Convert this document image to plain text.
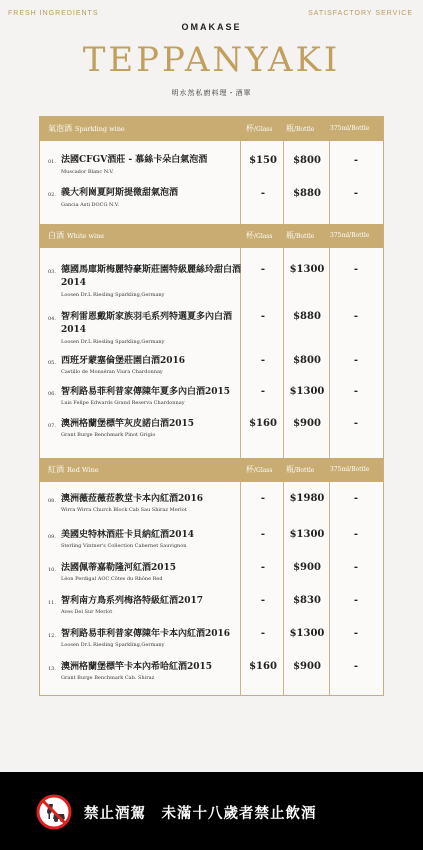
FRESH INGREDIENTS	SATISFACTORY SERVICE
OMAKASE
TEPPANYAKI
明水然私廚料理・酒單
氣泡酒 Sparkling wine	杯/Glass 瓶/Bottle	375ml/Bottle
01. 法國CFGV酒莊 - 慕絲卡朵白氣泡酒
Muscador Blanc N.V.
$150	$800	-
02. 義大利崗夏阿斯提微甜氣泡酒
Gancia Asti DOCG N.V.
-	$880	-
白酒 White wine	杯/Glass 瓶/Bottle	375ml/Bottle
03. 德國馬庫斯梅麗特豪斯莊園特級麗絲玲甜白酒2014
Loosen Dr.L Riesling Sparkling,Germany
-	$1300	-
04. 智利雷恩戴斯家族羽毛系列特選夏多內白酒2014
Loosen Dr.L Riesling Sparkling,Germany
-	$880	-
05. 西班牙蒙塞倫堡莊園白酒2016
Castillo de Monséran Viura Chardonnay
-	$800	-
06. 智利路易菲利普家傳陳年夏多內白酒2015
Luis Felipe Edwards Grand Reserva Chardonnay
-	$1300	-
07. 澳洲格蘭堡標竿灰皮諾白酒2015
Grant Burge Benchmark Pinot Grigio
$160	$900	-
紅酒 Red Wine	杯/Glass 瓶/Bottle	375ml/Bottle
08. 澳洲薇菈薇菈教堂卡本內紅酒2016
Wirra Wirra Church Block Cab Sau Shiraz Merlot
-	$1980	-
09. 美國史特林酒莊卡貝納紅酒2014
Sterling Vintner's Collection Cabernet Sauvignon
-	$1300	-
10. 法國佩蒂嘉勒隆河紅酒2015
Léon Perdigal AOC Côtes du Rhône Red
-	$900	-
11. 智利南方鳥系列梅洛特級紅酒2017
Aves Del Sur Merlot
-	$830	-
12. 智利路易菲利普家傳陳年卡本內紅酒2016
Loosen Dr.L Riesling Sparkling,Germany
-	$1300	-
13. 澳洲格蘭堡標竿卡本內希哈紅酒2015
Grant Burge Benchmark Cab. Shiraz
$160	$900	-
禁止酒駕　未滿十八歲者禁止飲酒
